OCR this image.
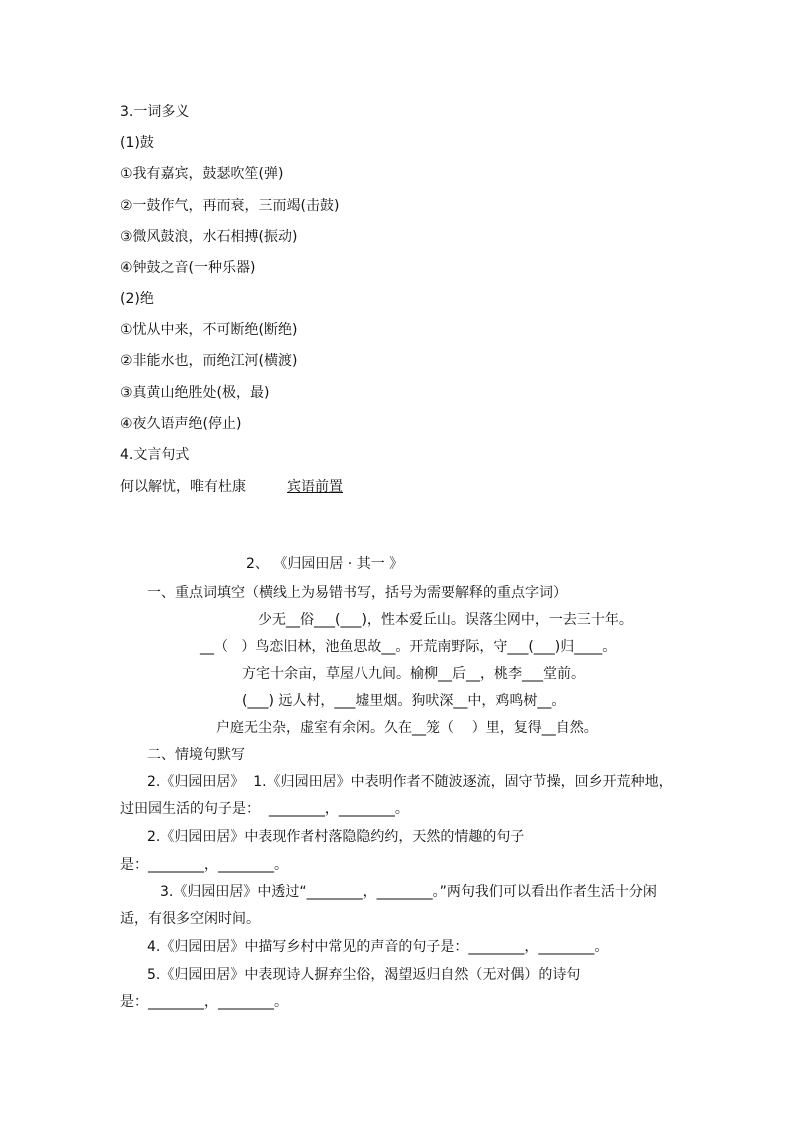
3.一词多义
(1)鼓
①我有嘉宾，鼓瑟吹笙(弹)
②一鼓作气，再而衰，三而竭(击鼓)
③微风鼓浪，水石相搏(振动)
④钟鼓之音(一种乐器)
(2)绝
①忧从中来，不可断绝(断绝)
②非能水也，而绝江河(横渡)
③真黄山绝胜处(极，最)
④夜久语声绝(停止)
4.文言句式
何以解忧，唯有杜康	宾语前置
2、 《归园田居 · 其一 》
一、重点词填空（横线上为易错书写，括号为需要解释的重点字词）
少无__俗___(___)，性本爱丘山。误落尘网中，一去三十年。
__（   ）鸟恋旧林，池鱼思故__。开荒南野际，守___(___)归____。
方宅十余亩，草屋八九间。榆柳__后__，桃李___堂前。
(___) 远人村，___墟里烟。狗吠深__中，鸡鸣树__。
户庭无尘杂，虚室有余闲。久在__笼（    ）里，复得__自然。
二、情境句默写
2.《归园田居》  1.《归园田居》中表明作者不随波逐流，固守节操，回乡开荒种地，
过田园生活的句子是：  ________，________。
2.《归园田居》中表现作者村落隐隐约约，天然的情趣的句子
是：________，________。
3.《归园田居》中透过“________，________。”两句我们可以看出作者生活十分闲
适，有很多空闲时间。
4.《归园田居》中描写乡村中常见的声音的句子是：________，________。
5.《归园田居》中表现诗人摒弃尘俗，渴望返归自然（无对偶）的诗句
是：________，________。
